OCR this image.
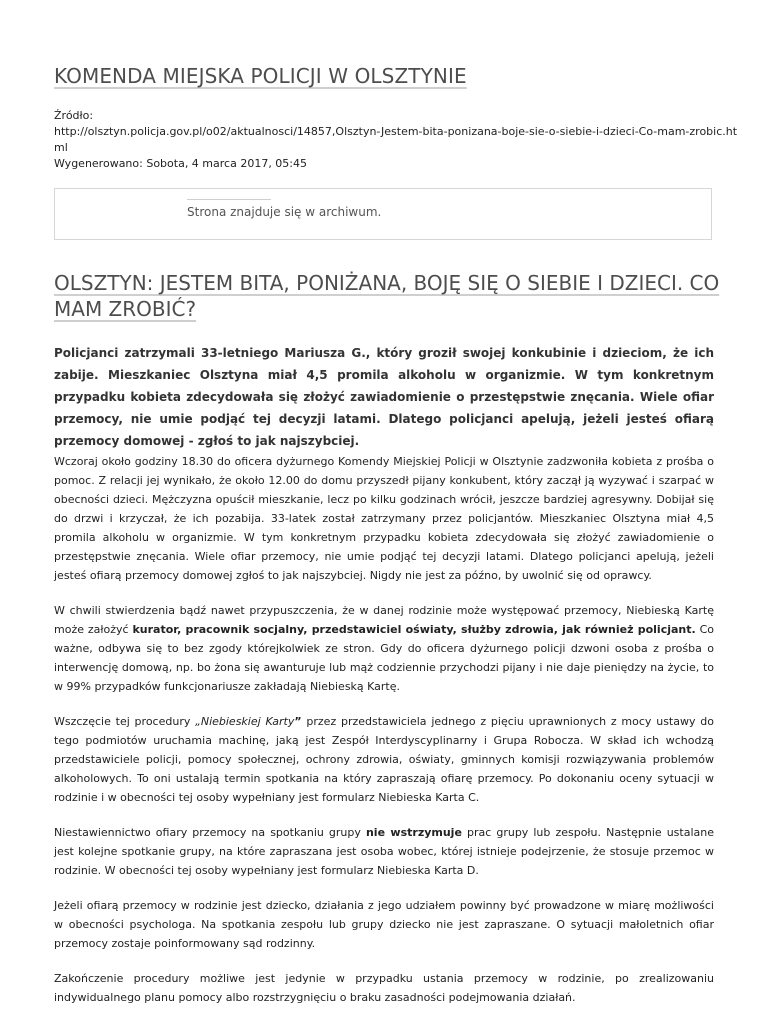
KOMENDA MIEJSKA POLICJI W OLSZTYNIE
Źródło:
http://olsztyn.policja.gov.pl/o02/aktualnosci/14857,Olsztyn-Jestem-bita-ponizana-boje-sie-o-siebie-i-dzieci-Co-mam-zrobic.ht
ml
Wygenerowano: Sobota, 4 marca 2017, 05:45
Strona znajduje się w archiwum.
OLSZTYN: JESTEM BITA, PONIŻANA, BOJĘ SIĘ O SIEBIE I DZIECI. CO MAM ZROBIĆ?

Policjanci zatrzymali 33-letniego Mariusza G., który groził swojej konkubinie i dzieciom, że ich zabije. Mieszkaniec Olsztyna miał 4,5 promila alkoholu w organizmie. W tym konkretnym przypadku kobieta zdecydowała się złożyć zawiadomienie o przestępstwie znęcania. Wiele ofiar przemocy, nie umie podjąć tej decyzji latami. Dlatego policjanci apelują, jeżeli jesteś ofiarą przemocy domowej - zgłoś to jak najszybciej.

Wczoraj około godziny 18.30 do oficera dyżurnego Komendy Miejskiej Policji w Olsztynie zadzwoniła kobieta z prośba o pomoc. Z relacji jej wynikało, że około 12.00 do domu przyszedł pijany konkubent, który zaczął ją wyzywać i szarpać w obecności dzieci. Mężczyzna opuścił mieszkanie, lecz po kilku godzinach wrócił, jeszcze bardziej agresywny. Dobijał się do drzwi i krzyczał, że ich pozabija. 33-latek został zatrzymany przez policjantów. Mieszkaniec Olsztyna miał 4,5 promila alkoholu w organizmie. W tym konkretnym przypadku kobieta zdecydowała się złożyć zawiadomienie o przestępstwie znęcania. Wiele ofiar przemocy, nie umie podjąć tej decyzji latami. Dlatego policjanci apelują, jeżeli jesteś ofiarą przemocy domowej zgłoś to jak najszybciej. Nigdy nie jest za późno, by uwolnić się od oprawcy.

W chwili stwierdzenia bądź nawet przypuszczenia, że w danej rodzinie może występować przemocy, Niebieską Kartę może założyć kurator, pracownik socjalny, przedstawiciel oświaty, służby zdrowia, jak również policjant. Co ważne, odbywa się to bez zgody którejkolwiek ze stron. Gdy do oficera dyżurnego policji dzwoni osoba z prośba o interwencję domową, np. bo żona się awanturuje lub mąż codziennie przychodzi pijany i nie daje pieniędzy na życie, to w 99% przypadków funkcjonariusze zakładają Niebieską Kartę.

Wszczęcie tej procedury „Niebieskiej Karty” przez przedstawiciela jednego z pięciu uprawnionych z mocy ustawy do tego podmiotów uruchamia machinę, jaką jest Zespół Interdyscyplinarny i Grupa Robocza. W skład ich wchodzą przedstawiciele policji, pomocy społecznej, ochrony zdrowia, oświaty, gminnych komisji rozwiązywania problemów alkoholowych. To oni ustalają termin spotkania na który zapraszają ofiarę przemocy. Po dokonaniu oceny sytuacji w rodzinie i w obecności tej osoby wypełniany jest formularz Niebieska Karta C.

Niestawiennictwo ofiary przemocy na spotkaniu grupy nie wstrzymuje prac grupy lub zespołu. Następnie ustalane jest kolejne spotkanie grupy, na które zapraszana jest osoba wobec, której istnieje podejrzenie, że stosuje przemoc w rodzinie. W obecności tej osoby wypełniany jest formularz Niebieska Karta D.

Jeżeli ofiarą przemocy w rodzinie jest dziecko, działania z jego udziałem powinny być prowadzone w miarę możliwości w obecności psychologa. Na spotkania zespołu lub grupy dziecko nie jest zapraszane. O sytuacji małoletnich ofiar przemocy zostaje poinformowany sąd rodzinny.

Zakończenie procedury możliwe jest jedynie w przypadku ustania przemocy w rodzinie, po zrealizowaniu indywidualnego planu pomocy albo rozstrzygnięciu o braku zasadności podejmowania działań.
